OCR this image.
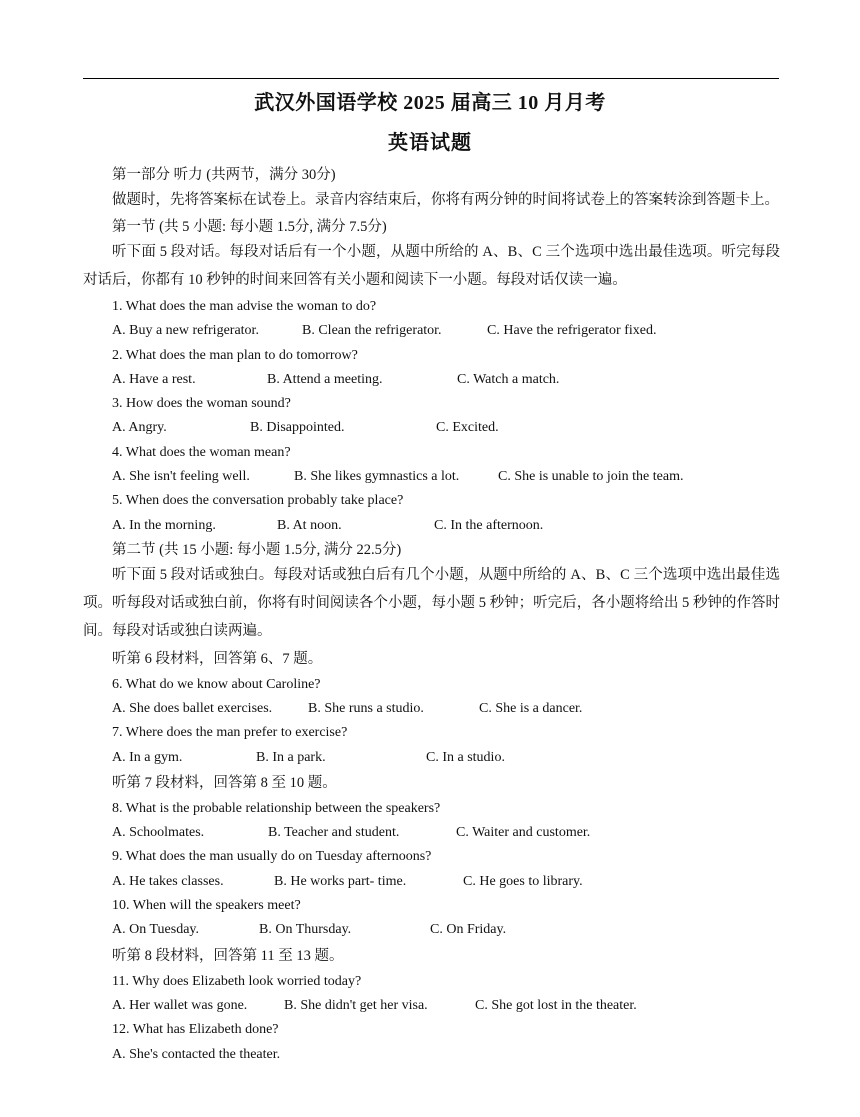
武汉外国语学校 2025 届高三 10 月月考
英语试题

第一部分 听力 (共两节，满分 30分)

做题时，先将答案标在试卷上。录音内容结束后，你将有两分钟的时间将试卷上的答案转涂到答题卡上。

第一节 (共 5 小题: 每小题 1.5分, 满分 7.5分)

听下面 5 段对话。每段对话后有一个小题，从题中所给的 A、B、C 三个选项中选出最佳选项。听完每段对话后，你都有 10 秒钟的时间来回答有关小题和阅读下一小题。每段对话仅读一遍。

1. What does the man advise the woman to do?
A. Buy a new refrigerator.	B. Clean the refrigerator.	C. Have the refrigerator fixed.
2. What does the man plan to do tomorrow?
A. Have a rest.	B. Attend a meeting.	C. Watch a match.
3. How does the woman sound?
A. Angry.	B. Disappointed.	C. Excited.
4. What does the woman mean?
A. She isn't feeling well.	B. She likes gymnastics a lot.	C. She is unable to join the team.
5. When does the conversation probably take place?
A. In the morning.	B. At noon.	C. In the afternoon.

第二节 (共 15 小题: 每小题 1.5分, 满分 22.5分)

听下面 5 段对话或独白。每段对话或独白后有几个小题，从题中所给的 A、B、C 三个选项中选出最佳选项。听每段对话或独白前，你将有时间阅读各个小题，每小题 5 秒钟；听完后，各小题将给出 5 秒钟的作答时间。每段对话或独白读两遍。

听第 6 段材料，回答第 6、7 题。

6. What do we know about Caroline?
A. She does ballet exercises.	B. She runs a studio.	C. She is a dancer.
7. Where does the man prefer to exercise?
A. In a gym.	B. In a park.	C. In a studio.

听第 7 段材料，回答第 8 至 10 题。

8. What is the probable relationship between the speakers?
A. Schoolmates.	B. Teacher and student.	C. Waiter and customer.
9. What does the man usually do on Tuesday afternoons?
A. He takes classes.	B. He works part- time.	C. He goes to library.
10. When will the speakers meet?
A. On Tuesday.	B. On Thursday.	C. On Friday.

听第 8 段材料，回答第 11 至 13 题。

11. Why does Elizabeth look worried today?
A. Her wallet was gone.	B. She didn't get her visa.	C. She got lost in the theater.
12. What has Elizabeth done?
A. She's contacted the theater.
